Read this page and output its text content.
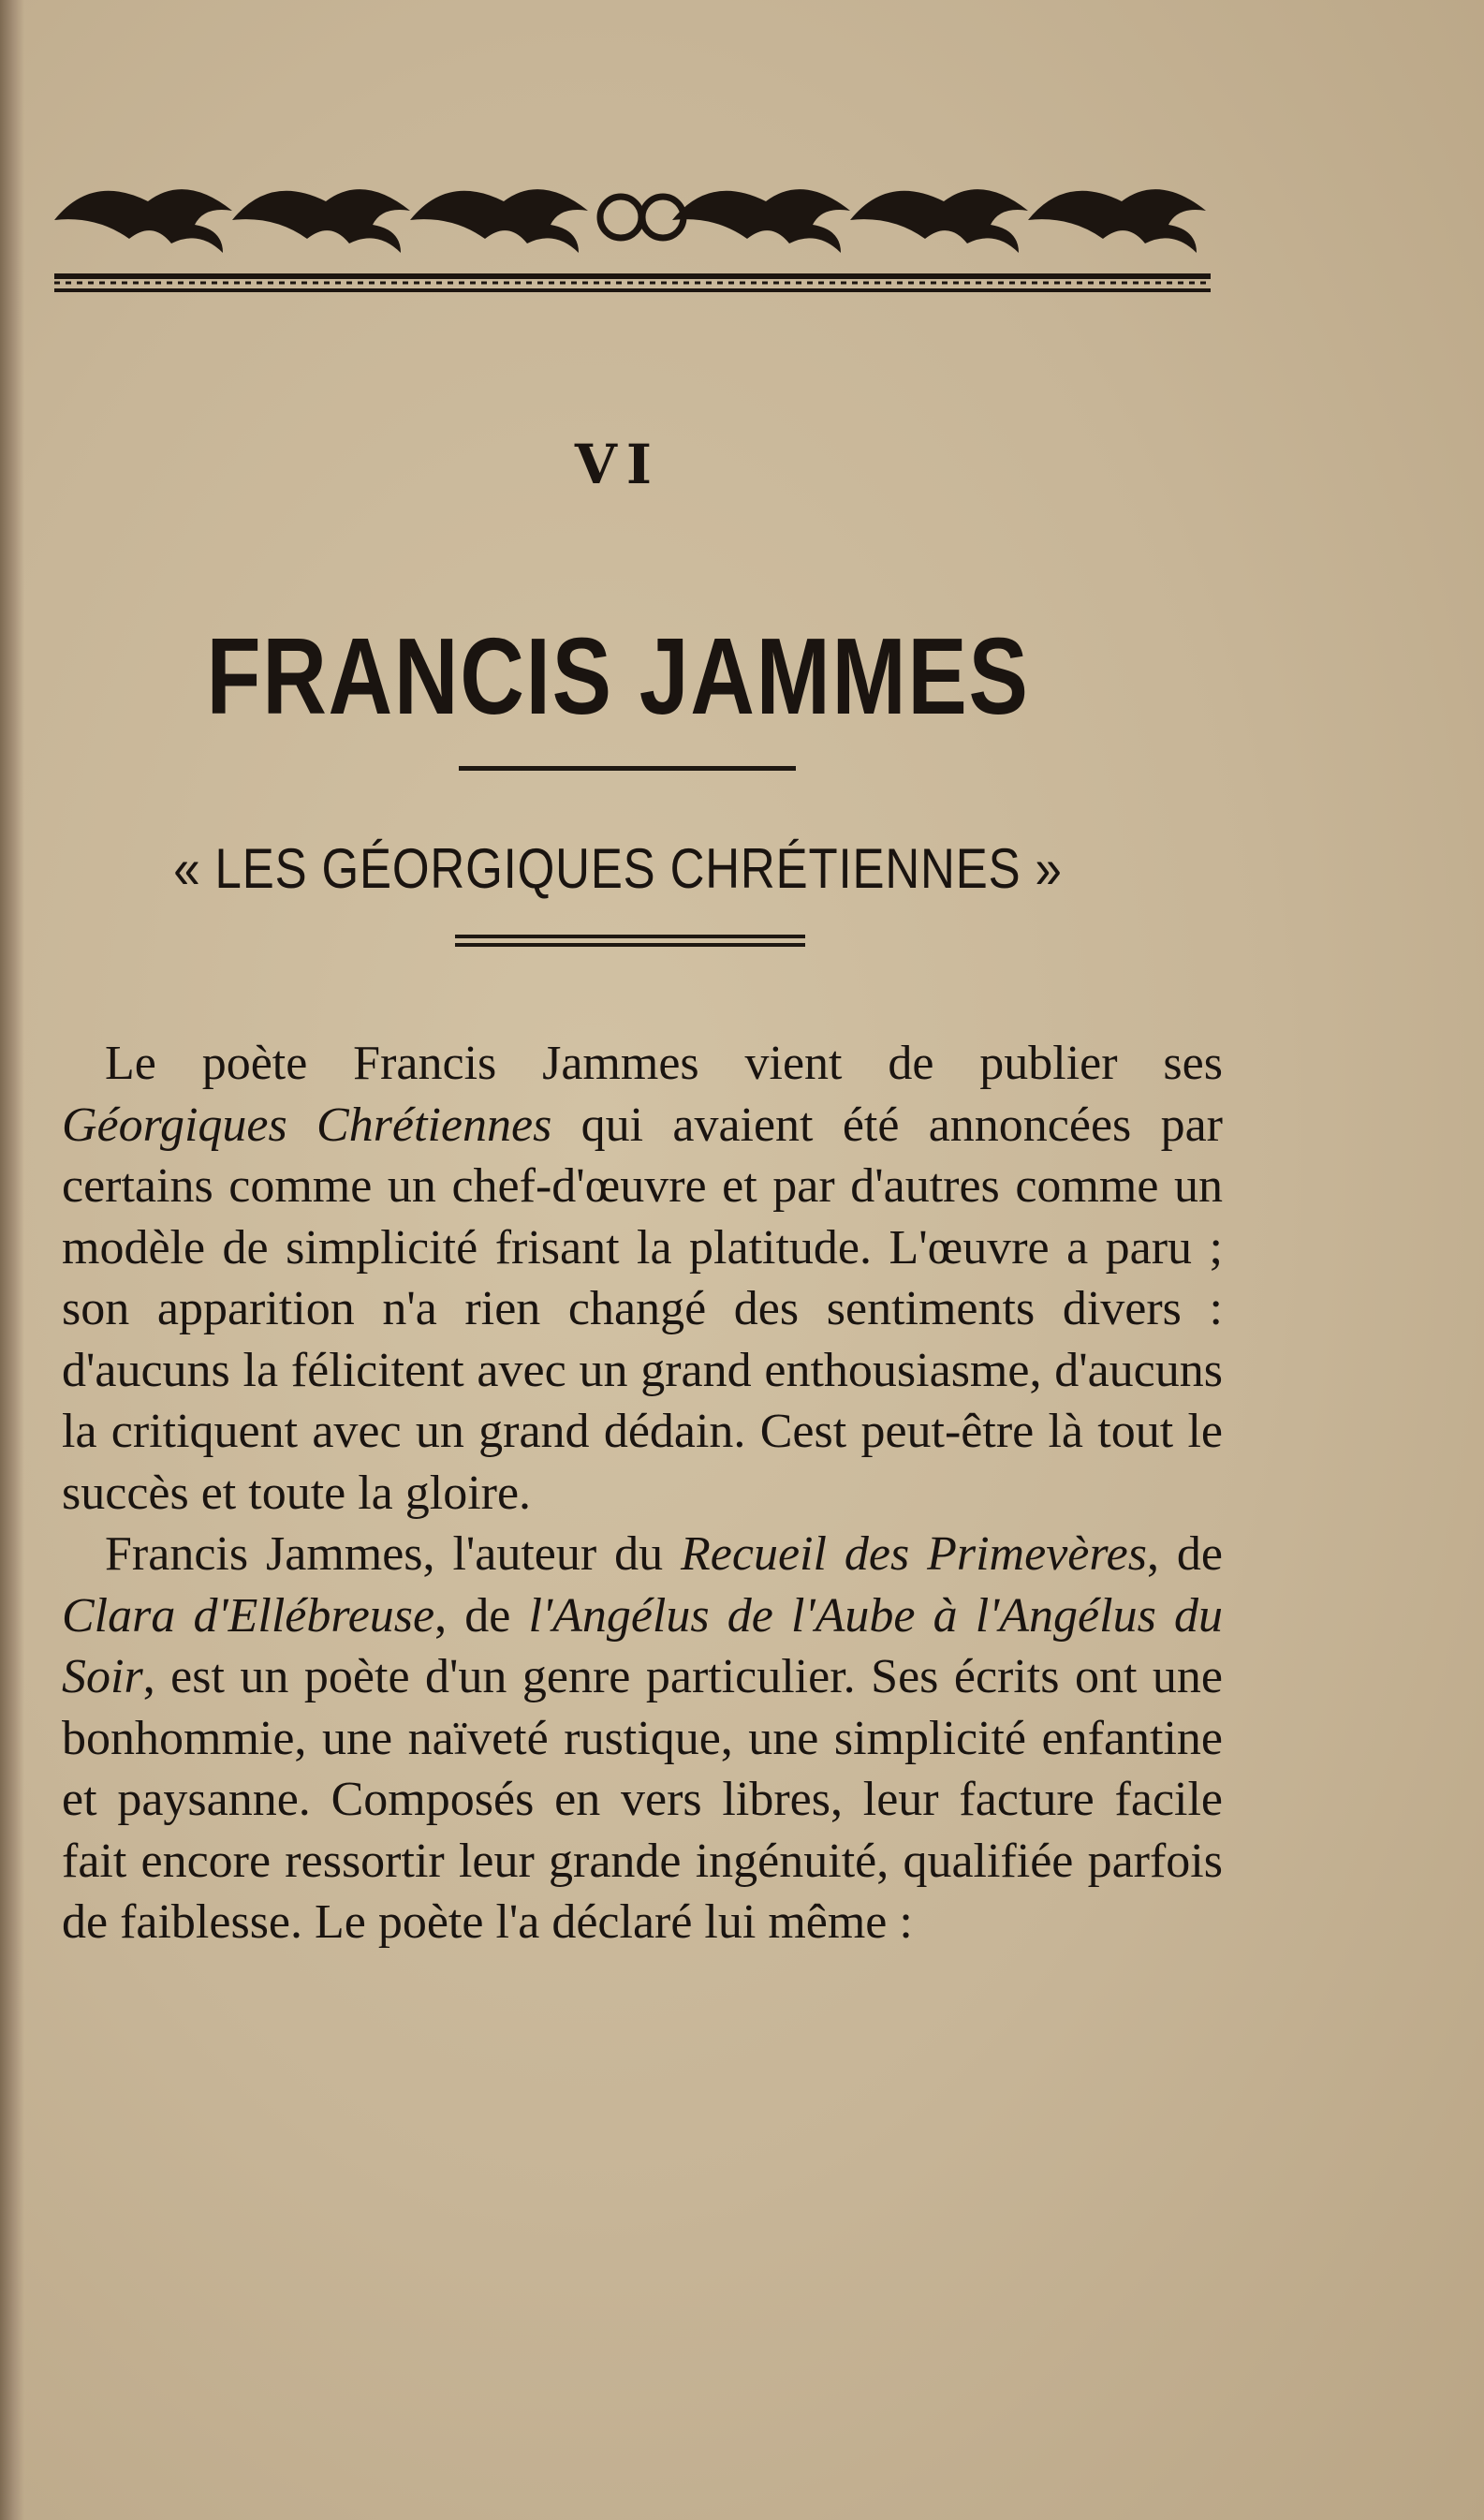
VI
FRANCIS JAMMES
« LES GÉORGIQUES CHRÉTIENNES »

Le poète Francis Jammes vient de publier ses Géorgiques Chrétiennes qui avaient été annoncées par certains comme un chef-d'œuvre et par d'autres comme un modèle de simplicité frisant la platitude. L'œuvre a paru ; son apparition n'a rien changé des sentiments divers : d'aucuns la félicitent avec un grand enthousiasme, d'aucuns la critiquent avec un grand dédain. Cest peut-être là tout le succès et toute la gloire.

Francis Jammes, l'auteur du Recueil des Primevères, de Clara d'Ellébreuse, de l'Angélus de l'Aube à l'Angélus du Soir, est un poète d'un genre particulier. Ses écrits ont une bonhommie, une naïveté rustique, une simplicité enfantine et paysanne. Composés en vers libres, leur facture facile fait encore ressortir leur grande ingénuité, qualifiée parfois de faiblesse. Le poète l'a déclaré lui même :
